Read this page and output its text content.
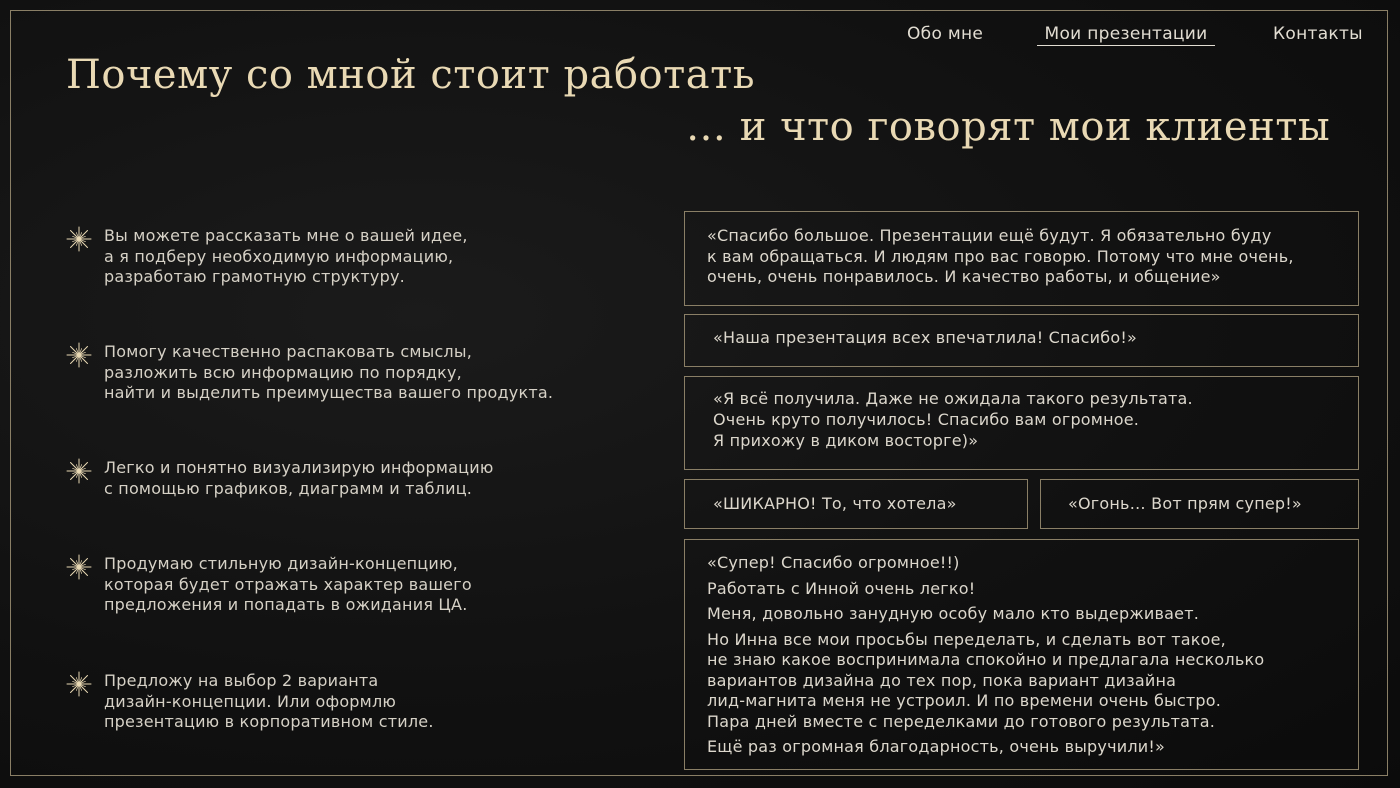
Обо мне	Мои презентации	Контакты
Почему со мной стоит работать
… и что говорят мои клиенты

Вы можете рассказать мне о вашей идее,
а я подберу необходимую информацию,
разработаю грамотную структуру.

Помогу качественно распаковать смыслы,
разложить всю информацию по порядку,
найти и выделить преимущества вашего продукта.

Легко и понятно визуализирую информацию
с помощью графиков, диаграмм и таблиц.

Продумаю стильную дизайн-концепцию,
которая будет отражать характер вашего
предложения и попадать в ожидания ЦА.

Предложу на выбор 2 варианта
дизайн-концепции. Или оформлю
презентацию в корпоративном стиле.

«Спасибо большое. Презентации ещё будут. Я обязательно буду
к вам обращаться. И людям про вас говорю. Потому что мне очень,
очень, очень понравилось. И качество работы, и общение»

«Наша презентация всех впечатлила! Спасибо!»

«Я всё получила. Даже не ожидала такого результата.
Очень круто получилось! Спасибо вам огромное.
Я прихожу в диком восторге)»

«ШИКАРНО! То, что хотела»	«Огонь… Вот прям супер!»

«Супер! Спасибо огромное!!)

Работать с Инной очень легко!

Меня, довольно занудную особу мало кто выдерживает.

Но Инна все мои просьбы переделать, и сделать вот такое,
не знаю какое воспринимала спокойно и предлагала несколько
вариантов дизайна до тех пор, пока вариант дизайна
лид-магнита меня не устроил. И по времени очень быстро.
Пара дней вместе с переделками до готового результата.

Ещё раз огромная благодарность, очень выручили!»
